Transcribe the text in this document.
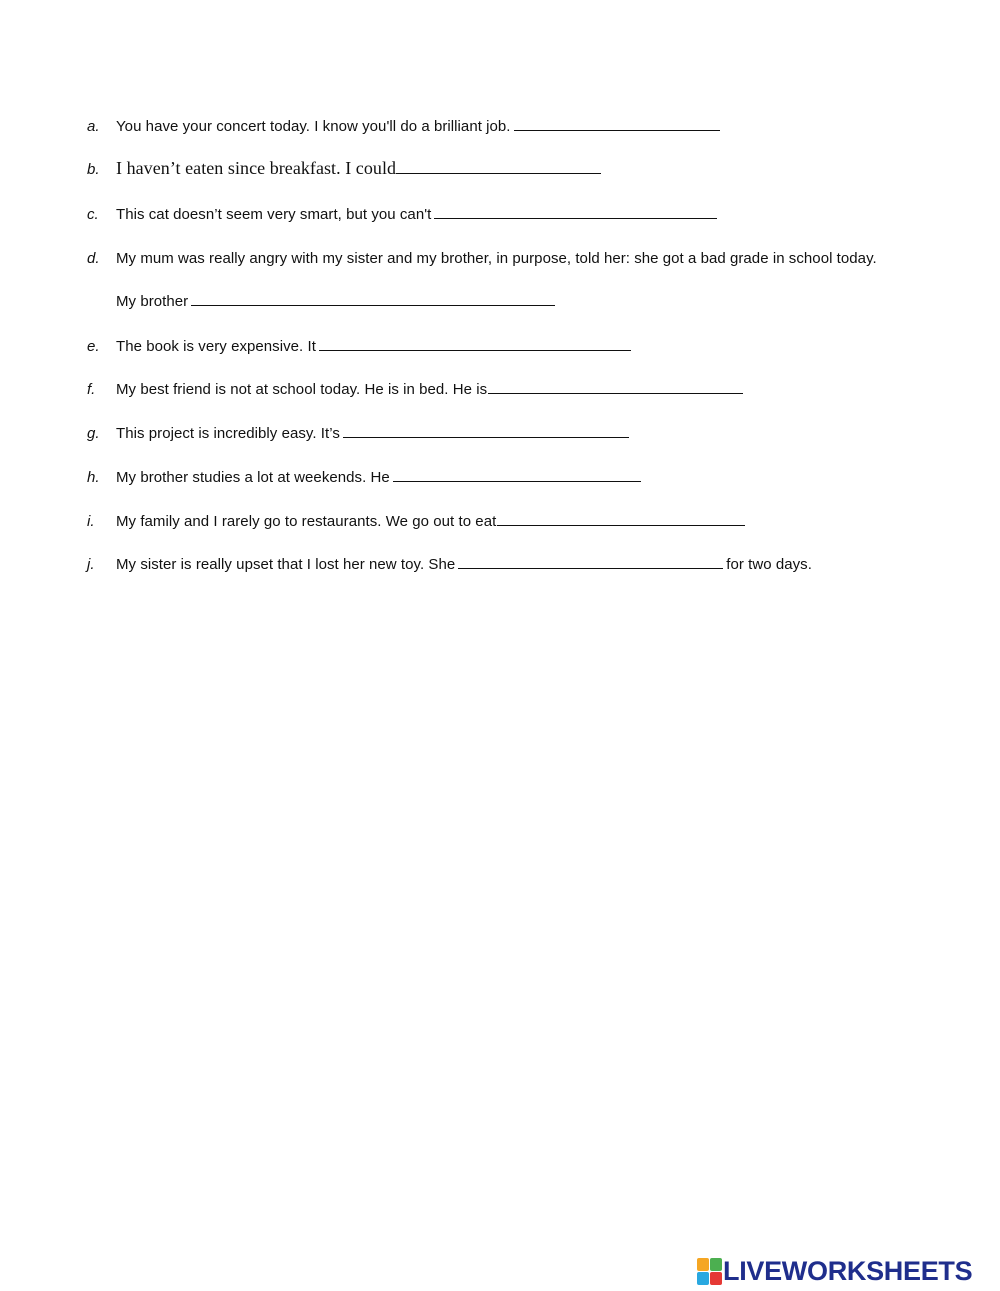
a. You have your concert today. I know you'll do a brilliant job.
b. I haven’t eaten since breakfast. I could
c. This cat doesn’t seem very smart, but you can't
d. My mum was really angry with my sister and my brother, in purpose, told her: she got a bad grade in school today.
My brother
e. The book is very expensive. It
f. My best friend is not at school today. He is in bed. He is
g. This project is incredibly easy. It’s
h. My brother studies a lot at weekends. He
i. My family and I rarely go to restaurants. We go out to eat
j. My sister is really upset that I lost her new toy. She	for two days.
LIVEWORKSHEETS
